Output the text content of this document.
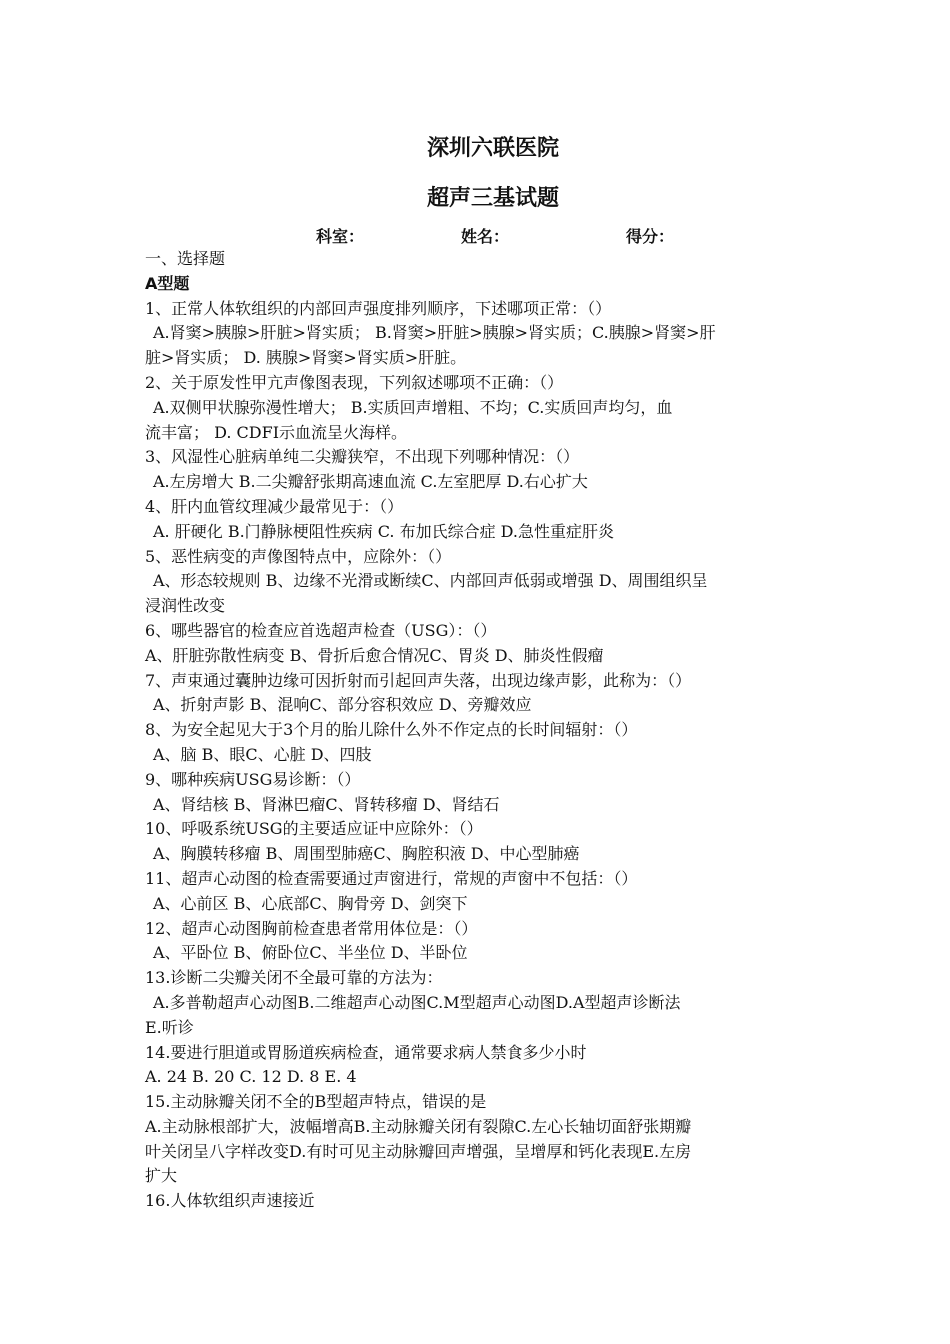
深圳六联医院
超声三基试题
科室：	姓名：	得分：
一、选择题
A型题
1、正常人体软组织的内部回声强度排列顺序，下述哪项正常：（）
A.肾窦>胰腺>肝脏>肾实质； B.肾窦>肝脏>胰腺>肾实质；C.胰腺>肾窦>肝
脏>肾实质； D. 胰腺>肾窦>肾实质>肝脏。
2、关于原发性甲亢声像图表现，下列叙述哪项不正确：（）
A.双侧甲状腺弥漫性增大； B.实质回声增粗、不均；C.实质回声均匀，血
流丰富； D. CDFI示血流呈火海样。
3、风湿性心脏病单纯二尖瓣狭窄，不出现下列哪种情况：（）
A.左房增大 B.二尖瓣舒张期高速血流 C.左室肥厚 D.右心扩大
4、肝内血管纹理减少最常见于：（）
A. 肝硬化 B.门静脉梗阻性疾病 C. 布加氏综合症 D.急性重症肝炎
5、恶性病变的声像图特点中，应除外：（）
A、形态较规则 B、边缘不光滑或断续C、内部回声低弱或增强 D、周围组织呈
浸润性改变
6、哪些器官的检查应首选超声检查（USG）：（）
A、肝脏弥散性病变 B、骨折后愈合情况C、胃炎 D、肺炎性假瘤
7、声束通过囊肿边缘可因折射而引起回声失落，出现边缘声影，此称为：（）
A、折射声影 B、混响C、部分容积效应 D、旁瓣效应
8、为安全起见大于3个月的胎儿除什么外不作定点的长时间辐射：（）
A、脑 B、眼C、心脏 D、四肢
9、哪种疾病USG易诊断：（）
A、肾结核 B、肾淋巴瘤C、肾转移瘤 D、肾结石
10、呼吸系统USG的主要适应证中应除外：（）
A、胸膜转移瘤 B、周围型肺癌C、胸腔积液 D、中心型肺癌
11、超声心动图的检查需要通过声窗进行，常规的声窗中不包括：（）
A、心前区 B、心底部C、胸骨旁 D、剑突下
12、超声心动图胸前检查患者常用体位是：（）
A、平卧位 B、俯卧位C、半坐位 D、半卧位
13.诊断二尖瓣关闭不全最可靠的方法为：
A.多普勒超声心动图B.二维超声心动图C.M型超声心动图D.A型超声诊断法
E.听诊
14.要进行胆道或胃肠道疾病检查，通常要求病人禁食多少小时
A. 24 B. 20 C. 12 D. 8 E. 4
15.主动脉瓣关闭不全的B型超声特点，错误的是
A.主动脉根部扩大，波幅增高B.主动脉瓣关闭有裂隙C.左心长轴切面舒张期瓣
叶关闭呈八字样改变D.有时可见主动脉瓣回声增强，呈增厚和钙化表现E.左房
扩大
16.人体软组织声速接近
